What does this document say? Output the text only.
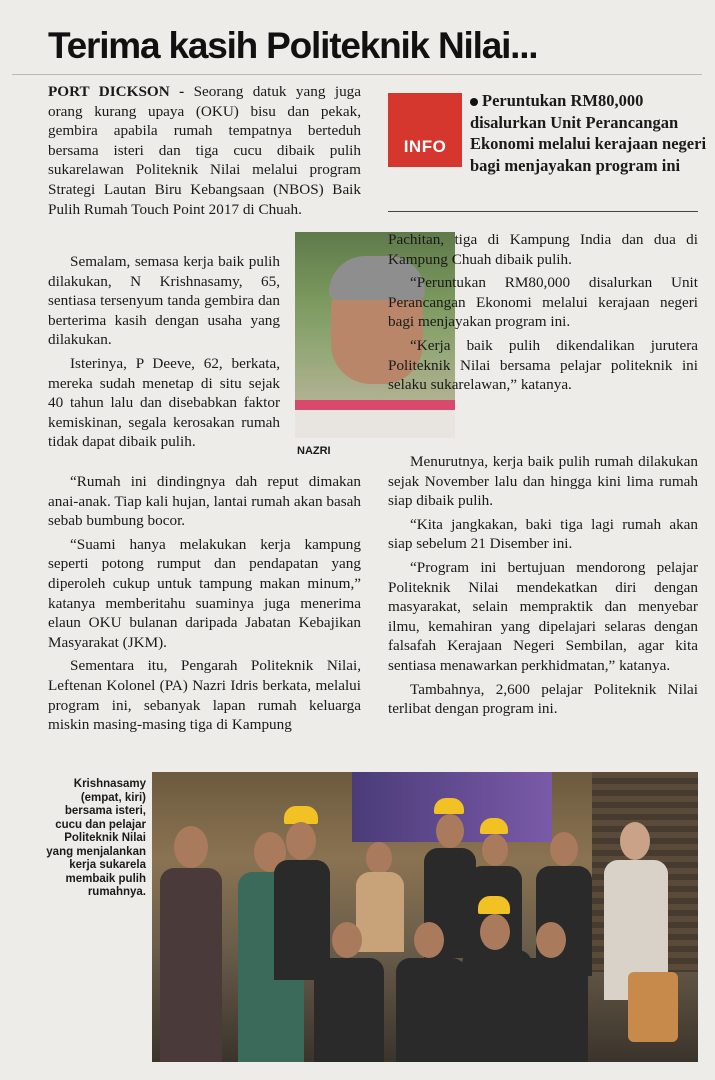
Terima kasih Politeknik Nilai...

PORT DICKSON - Seorang datuk yang juga orang kurang upaya (OKU) bisu dan pekak, gembira apabila rumah tempatnya berteduh bersama isteri dan tiga cucu dibaik pulih sukarelawan Politeknik Nilai melalui program Strategi Lautan Biru Kebangsaan (NBOS) Baik Pulih Rumah Touch Point 2017 di Chuah.

Semalam, semasa kerja baik pulih dilakukan, N Krishnasamy, 65, sentiasa tersenyum tanda gembira dan berterima kasih dengan usaha yang dilakukan.

Isterinya, P Deeve, 62, berkata, mereka sudah menetap di situ sejak 40 tahun lalu dan disebabkan faktor kemiskinan, segala kerosakan rumah tidak dapat dibaik pulih.

“Rumah ini dindingnya dah reput dimakan anai-anak. Tiap kali hujan, lantai rumah akan basah sebab bumbung bocor.

“Suami hanya melakukan kerja kampung seperti potong rumput dan pendapatan yang diperoleh cukup untuk tampung makan minum,” katanya memberitahu suaminya juga menerima elaun OKU bulanan daripada Jabatan Kebajikan Masyarakat (JKM).

Sementara itu, Pengarah Politeknik Nilai, Leftenan Kolonel (PA) Nazri Idris berkata, melalui program ini, sebanyak lapan rumah keluarga miskin masing-masing tiga di Kampung

NAZRI
INFO
Peruntukan RM80,000 disalurkan Unit Perancangan Ekonomi melalui kerajaan negeri bagi menjayakan program ini

Pachitan, tiga di Kampung India dan dua di Kampung Chuah dibaik pulih.

“Peruntukan RM80,000 disalurkan Unit Perancangan Ekonomi melalui kerajaan negeri bagi menjayakan program ini.

“Kerja baik pulih dikendalikan jurutera Politeknik Nilai bersama pelajar politeknik ini selaku sukarelawan,” katanya.

Menurutnya, kerja baik pulih rumah dilakukan sejak November lalu dan hingga kini lima rumah siap dibaik pulih.

“Kita jangkakan, baki tiga lagi rumah akan siap sebelum 21 Disember ini.

“Program ini bertujuan mendorong pelajar Politeknik Nilai mendekatkan diri dengan masyarakat, selain mempraktik dan menyebar ilmu, kemahiran yang dipelajari selaras dengan falsafah Kerajaan Negeri Sembilan, agar kita sentiasa menawarkan perkhidmatan,” katanya.

Tambahnya, 2,600 pelajar Politeknik Nilai terlibat dengan program ini.

Krishnasamy (empat, kiri) bersama isteri, cucu dan pelajar Politeknik Nilai yang menjalankan kerja sukarela membaik pulih rumahnya.
